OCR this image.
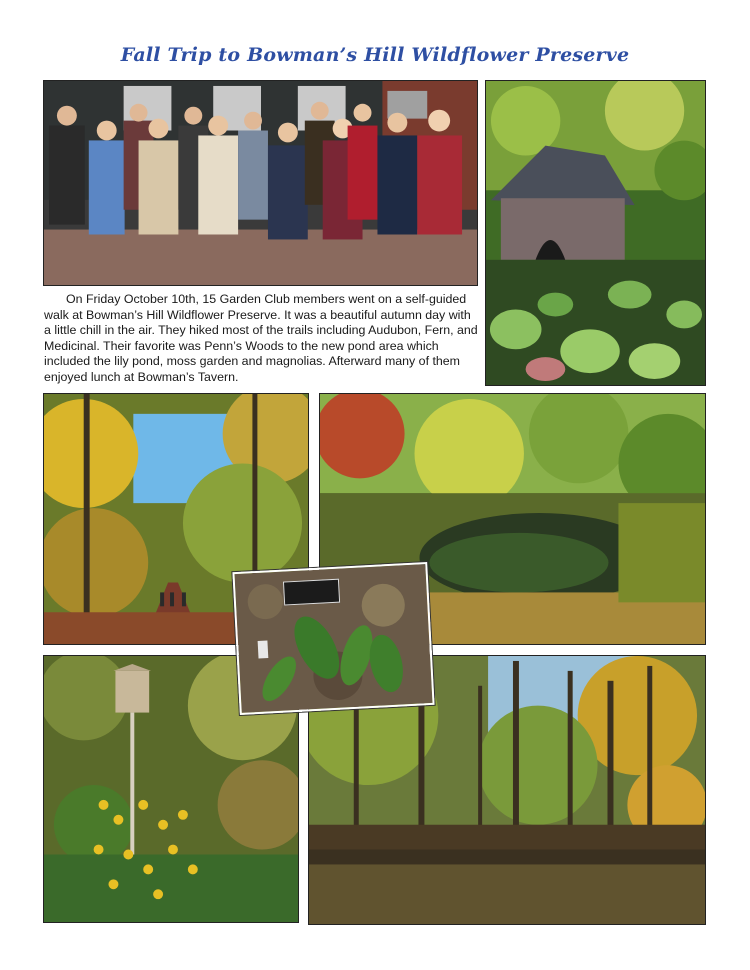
Fall Trip to Bowman’s Hill Wildflower Preserve

On Friday October 10th, 15 Garden Club members went on a self-guided walk at Bowman’s Hill Wildflower Preserve. It was a beautiful autumn day with a little chill in the air. They hiked most of the trails including Audubon, Fern, and Medicinal. Their favorite was Penn’s Woods to the new pond area which included the lily pond, moss garden and magnolias. Afterward many of them enjoyed lunch at Bowman’s Tavern.
